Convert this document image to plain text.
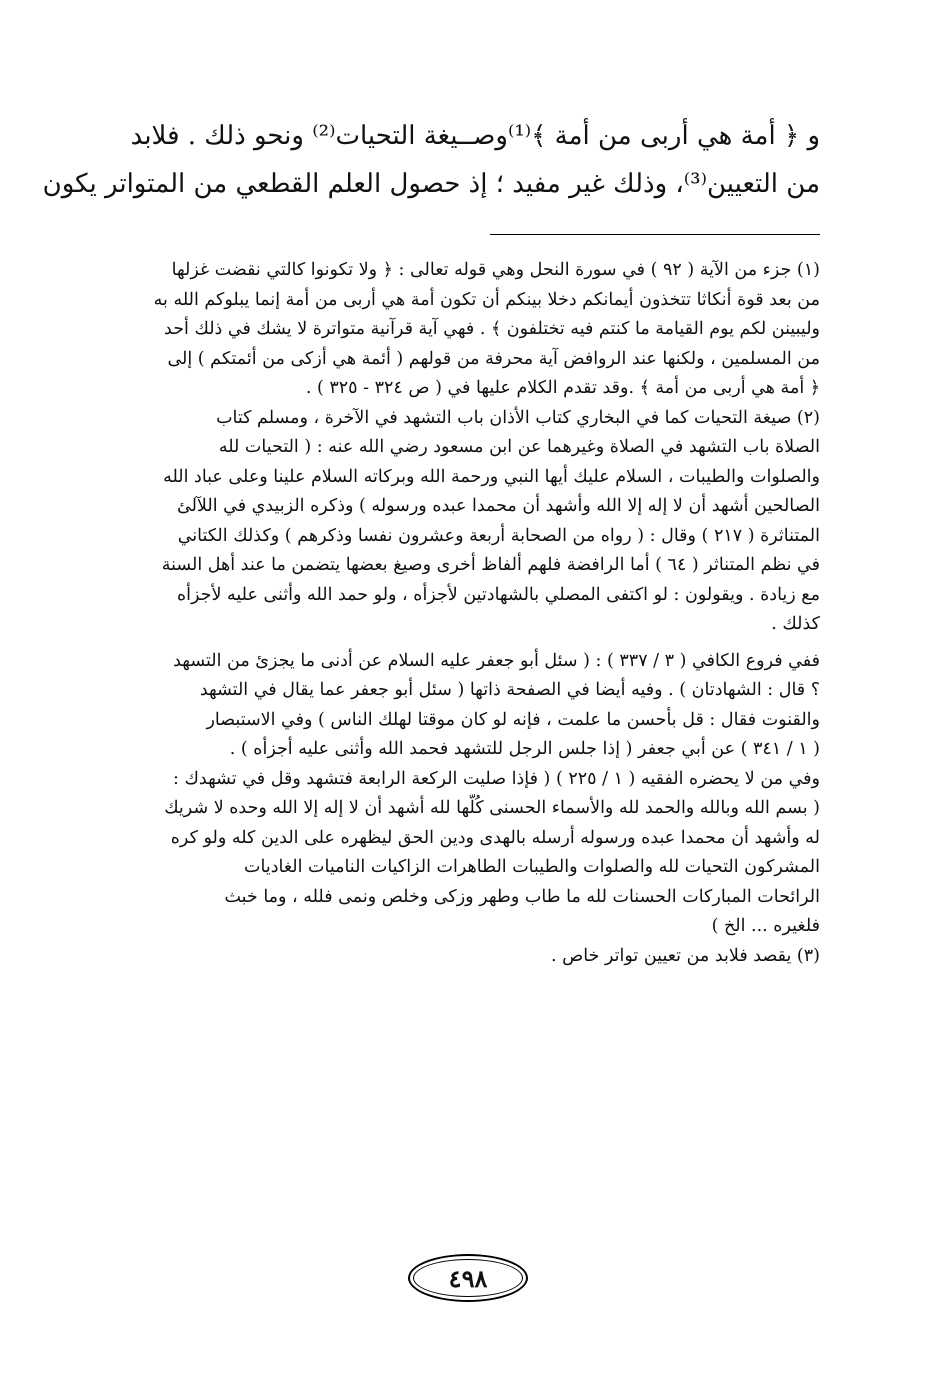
و ﴿ أمة هي أربى من أمة ﴾⁽¹⁾وصــيغة التحيات⁽²⁾ ونحو ذلك . فلابد
من التعيين⁽³⁾، وذلك غير مفيد ؛ إذ حصول العلم القطعي من المتواتر يكون

(١) جزء من الآية ( ٩٢ ) في سورة النحل وهي قوله تعالى : ﴿ ولا تكونوا كالتي نقضت غزلها
من بعد قوة أنكاثا تتخذون أيمانكم دخلا بينكم أن تكون أمة هي أربى من أمة إنما يبلوكم الله به
وليبينن لكم يوم القيامة ما كنتم فيه تختلفون ﴾ . فهي آية قرآنية متواترة لا يشك في ذلك أحد
من المسلمين ، ولكنها عند الروافض آية محرفة من قولهم ( أئمة هي أزكى من أئمتكم ) إلى
﴿ أمة هي أربى من أمة ﴾ .وقد تقدم الكلام عليها في ( ص ٣٢٤ - ٣٢٥ ) .
(٢) صيغة التحيات كما في البخاري كتاب الأذان باب التشهد في الآخرة ، ومسلم كتاب
الصلاة باب التشهد في الصلاة وغيرهما عن ابن مسعود رضي الله عنه : ( التحيات لله
والصلوات والطيبات ، السلام عليك أيها النبي ورحمة الله وبركاته السلام علينا وعلى عباد الله
الصالحين أشهد أن لا إله إلا الله وأشهد أن محمدا عبده ورسوله ) وذكره الزبيدي في اللآلئ
المتناثرة ( ٢١٧ ) وقال : ( رواه من الصحابة أربعة وعشرون نفسا وذكرهم ) وكذلك الكتاني
في نظم المتناثر ( ٦٤ ) أما الرافضة فلهم ألفاظ أخرى وصيغ بعضها يتضمن ما عند أهل السنة
مع زيادة . ويقولون : لو اكتفى المصلي بالشهادتين لأجزأه ، ولو حمد الله وأثنى عليه لأجزأه
كذلك .
ففي فروع الكافي ( ٣ / ٣٣٧ ) : ( سئل أبو جعفر عليه السلام عن أدنى ما يجزئ من التسهد
؟ قال : الشهادتان ) . وفيه أيضا في الصفحة ذاتها ( سئل أبو جعفر عما يقال في التشهد
والقنوت فقال : قل بأحسن ما علمت ، فإنه لو كان موقتا لهلك الناس ) وفي الاستبصار
( ١ / ٣٤١ ) عن أبي جعفر ( إذا جلس الرجل للتشهد فحمد الله وأثنى عليه أجزأه ) .
وفي من لا يحضره الفقيه ( ١ / ٢٢٥ ) ( فإذا صليت الركعة الرابعة فتشهد وقل في تشهدك :
( بسم الله وبالله والحمد لله والأسماء الحسنى كُلّها لله أشهد أن لا إله إلا الله وحده لا شريك
له وأشهد أن محمدا عبده ورسوله أرسله بالهدى ودين الحق ليظهره على الدين كله ولو كره
المشركون التحيات لله والصلوات والطيبات الطاهرات الزاكيات الناميات الغاديات
الرائحات المباركات الحسنات لله ما طاب وطهر وزكى وخلص ونمى فلله ، وما خبث
فلغيره ... الخ )
(٣) يقصد فلابد من تعيين تواتر خاص .
٤٩٨
